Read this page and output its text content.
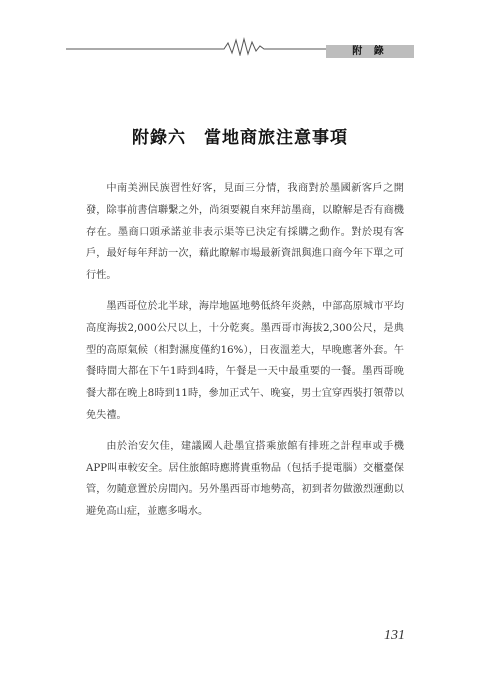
附 錄
附錄六　當地商旅注意事項

中南美洲民族習性好客，見面三分情，我商對於墨國新客戶之開發，除事前書信聯繫之外，尚須要親自來拜訪墨商，以瞭解是否有商機存在。墨商口頭承諾並非表示渠等已決定有採購之動作。對於現有客戶，最好每年拜訪一次，藉此瞭解市場最新資訊與進口商今年下單之可行性。

墨西哥位於北半球，海岸地區地勢低終年炎熱，中部高原城市平均高度海拔2,000公尺以上，十分乾爽。墨西哥市海拔2,300公尺，是典型的高原氣候（相對濕度僅約16%），日夜溫差大，早晚應著外套。午餐時間大都在下午1時到4時，午餐是一天中最重要的一餐。墨西哥晚餐大都在晚上8時到11時，參加正式午、晚宴，男士宜穿西裝打領帶以免失禮。

由於治安欠佳，建議國人赴墨宜搭乘旅館有排班之計程車或手機APP叫車較安全。居住旅館時應將貴重物品（包括手提電腦）交櫃臺保管，勿隨意置於房間內。另外墨西哥市地勢高，初到者勿做激烈運動以避免高山症，並應多喝水。

131
